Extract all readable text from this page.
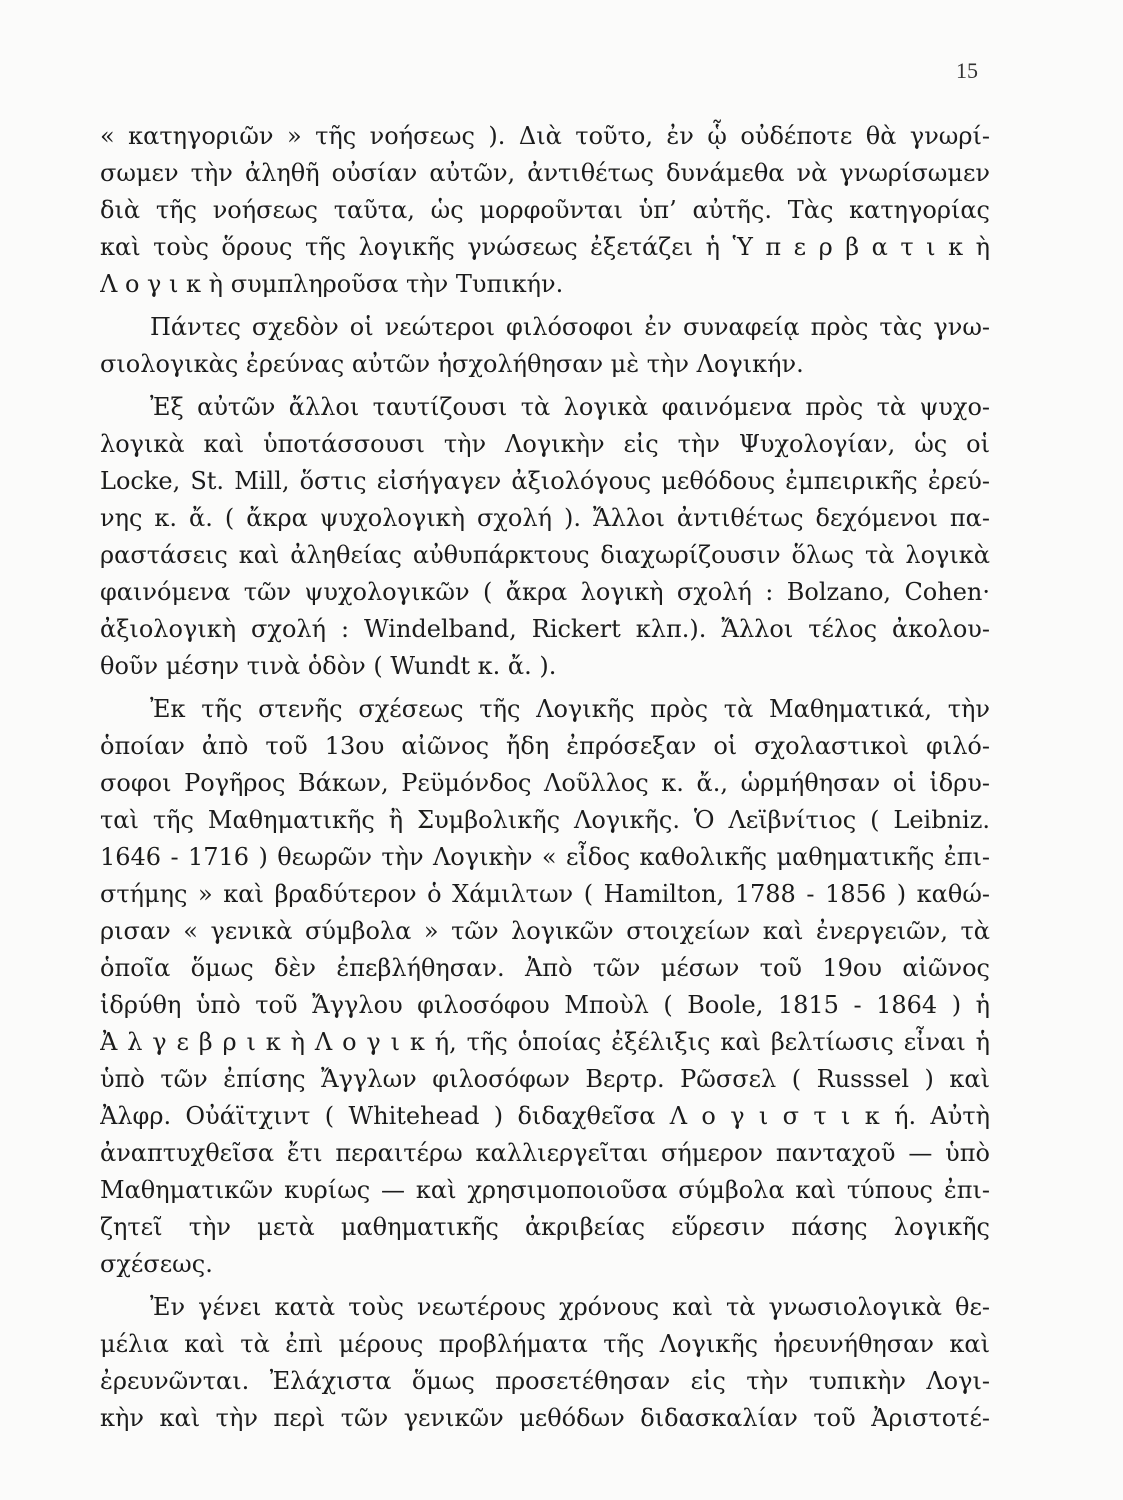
15
« κατηγοριῶν » τῆς νοήσεως ). Διὰ τοῦτο, ἐν ᾧ οὐδέποτε θὰ γνωρί-
σωμεν τὴν ἀληθῆ οὐσίαν αὐτῶν, ἀντιθέτως δυνάμεθα νὰ γνωρίσωμεν
διὰ τῆς νοήσεως ταῦτα, ὡς μορφοῦνται ὑπ’ αὐτῆς. Τὰς κατηγορίας
καὶ τοὺς ὅρους τῆς λογικῆς γνώσεως ἐξετάζει ἡ Ὑ π ε ρ β α τ ι κ ὴ
Λ ο γ ι κ ὴ συμπληροῦσα τὴν Τυπικήν.
Πάντες σχεδὸν οἱ νεώτεροι φιλόσοφοι ἐν συναφείᾳ πρὸς τὰς γνω-
σιολογικὰς ἐρεύνας αὐτῶν ἠσχολήθησαν μὲ τὴν Λογικήν.
Ἐξ αὐτῶν ἄλλοι ταυτίζουσι τὰ λογικὰ φαινόμενα πρὸς τὰ ψυχο-
λογικὰ καὶ ὑποτάσσουσι τὴν Λογικὴν εἰς τὴν Ψυχολογίαν, ὡς οἱ
Locke, St. Mill, ὅστις εἰσήγαγεν ἀξιολόγους μεθόδους ἐμπειρικῆς ἐρεύ-
νης κ. ἄ. ( ἄκρα ψυχολογικὴ σχολή ). Ἄλλοι ἀντιθέτως δεχόμενοι πα-
ραστάσεις καὶ ἀληθείας αὐθυπάρκτους διαχωρίζουσιν ὅλως τὰ λογικὰ
φαινόμενα τῶν ψυχολογικῶν ( ἄκρα λογικὴ σχολή : Bolzano, Cohen·
ἀξιολογικὴ σχολή : Windelband, Rickert κλπ.). Ἄλλοι τέλος ἀκολου-
θοῦν μέσην τινὰ ὁδὸν ( Wundt κ. ἄ. ).
Ἐκ τῆς στενῆς σχέσεως τῆς Λογικῆς πρὸς τὰ Μαθηματικά, τὴν
ὁποίαν ἀπὸ τοῦ 13ου αἰῶνος ἤδη ἐπρόσεξαν οἱ σχολαστικοὶ φιλό-
σοφοι Ρογῆρος Βάκων, Ρεϋμόνδος Λοῦλλος κ. ἄ., ὡρμήθησαν οἱ ἱδρυ-
ταὶ τῆς Μαθηματικῆς ἢ Συμβολικῆς Λογικῆς. Ὁ Λεϊβνίτιος ( Leibniz.
1646 - 1716 ) θεωρῶν τὴν Λογικὴν « εἶδος καθολικῆς μαθηματικῆς ἐπι-
στήμης » καὶ βραδύτερον ὁ Χάμιλτων ( Hamilton, 1788 - 1856 ) καθώ-
ρισαν « γενικὰ σύμβολα » τῶν λογικῶν στοιχείων καὶ ἐνεργειῶν, τὰ
ὁποῖα ὅμως δὲν ἐπεβλήθησαν. Ἀπὸ τῶν μέσων τοῦ 19ου αἰῶνος
ἱδρύθη ὑπὸ τοῦ Ἄγγλου φιλοσόφου Μποὺλ ( Boole, 1815 - 1864 ) ἡ
Ἀ λ γ ε β ρ ι κ ὴ Λ ο γ ι κ ή, τῆς ὁποίας ἐξέλιξις καὶ βελτίωσις εἶναι ἡ
ὑπὸ τῶν ἐπίσης Ἄγγλων φιλοσόφων Βερτρ. Ρῶσσελ ( Russsel ) καὶ
Ἀλφρ. Οὐάϊτχιντ ( Whitehead ) διδαχθεῖσα Λ ο γ ι σ τ ι κ ή. Αὐτὴ
ἀναπτυχθεῖσα ἔτι περαιτέρω καλλιεργεῖται σήμερον πανταχοῦ — ὑπὸ
Μαθηματικῶν κυρίως — καὶ χρησιμοποιοῦσα σύμβολα καὶ τύπους ἐπι-
ζητεῖ τὴν μετὰ μαθηματικῆς ἀκριβείας εὕρεσιν πάσης λογικῆς
σχέσεως.
Ἐν γένει κατὰ τοὺς νεωτέρους χρόνους καὶ τὰ γνωσιολογικὰ θε-
μέλια καὶ τὰ ἐπὶ μέρους προβλήματα τῆς Λογικῆς ἠρευνήθησαν καὶ
ἐρευνῶνται. Ἐλάχιστα ὅμως προσετέθησαν εἰς τὴν τυπικὴν Λογι-
κὴν καὶ τὴν περὶ τῶν γενικῶν μεθόδων διδασκαλίαν τοῦ Ἀριστοτέ-
